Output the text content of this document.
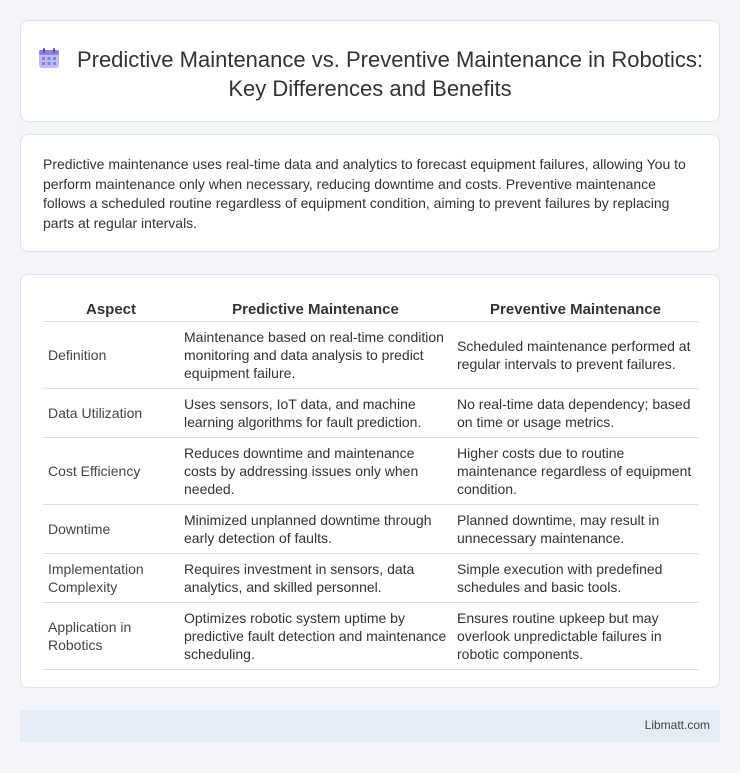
Predictive Maintenance vs. Preventive Maintenance in Robotics: Key Differences and Benefits

Predictive maintenance uses real-time data and analytics to forecast equipment failures, allowing You to perform maintenance only when necessary, reducing downtime and costs. Preventive maintenance follows a scheduled routine regardless of equipment condition, aiming to prevent failures by replacing parts at regular intervals.

Aspect	Predictive Maintenance	Preventive Maintenance
Definition	Maintenance based on real-time condition monitoring and data analysis to predict equipment failure.	Scheduled maintenance performed at regular intervals to prevent failures.
Data Utilization	Uses sensors, IoT data, and machine learning algorithms for fault prediction.	No real-time data dependency; based on time or usage metrics.
Cost Efficiency	Reduces downtime and maintenance costs by addressing issues only when needed.	Higher costs due to routine maintenance regardless of equipment condition.
Downtime	Minimized unplanned downtime through early detection of faults.	Planned downtime, may result in unnecessary maintenance.
Implementation Complexity	Requires investment in sensors, data analytics, and skilled personnel.	Simple execution with predefined schedules and basic tools.
Application in Robotics	Optimizes robotic system uptime by predictive fault detection and maintenance scheduling.	Ensures routine upkeep but may overlook unpredictable failures in robotic components.
Libmatt.com
